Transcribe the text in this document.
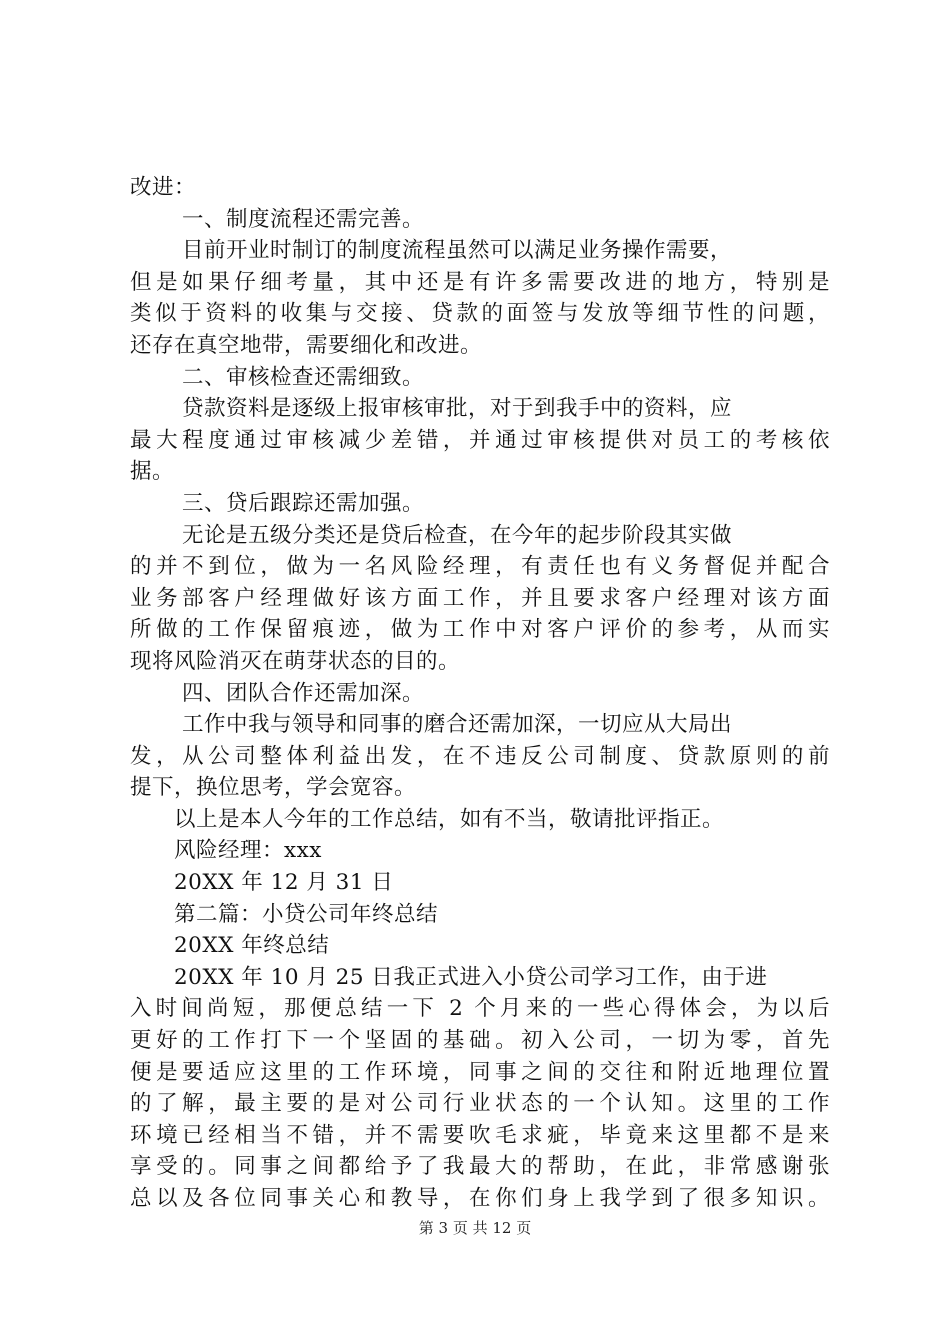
改进：
一、制度流程还需完善。
目前开业时制订的制度流程虽然可以满足业务操作需要，
但是如果仔细考量，其中还是有许多需要改进的地方，特别是
类似于资料的收集与交接、贷款的面签与发放等细节性的问题，
还存在真空地带，需要细化和改进。
二、审核检查还需细致。
贷款资料是逐级上报审核审批，对于到我手中的资料，应
最大程度通过审核减少差错，并通过审核提供对员工的考核依
据。
三、贷后跟踪还需加强。
无论是五级分类还是贷后检查，在今年的起步阶段其实做
的并不到位，做为一名风险经理，有责任也有义务督促并配合
业务部客户经理做好该方面工作，并且要求客户经理对该方面
所做的工作保留痕迹，做为工作中对客户评价的参考，从而实
现将风险消灭在萌芽状态的目的。
四、团队合作还需加深。
工作中我与领导和同事的磨合还需加深，一切应从大局出
发，从公司整体利益出发，在不违反公司制度、贷款原则的前
提下，换位思考，学会宽容。
以上是本人今年的工作总结，如有不当，敬请批评指正。
风险经理：xxx
20XX 年 12 月 31 日
第二篇：小贷公司年终总结
20XX 年终总结
20XX 年 10 月 25 日我正式进入小贷公司学习工作，由于进
入时间尚短，那便总结一下 2 个月来的一些心得体会，为以后
更好的工作打下一个坚固的基础。初入公司，一切为零，首先
便是要适应这里的工作环境，同事之间的交往和附近地理位置
的了解，最主要的是对公司行业状态的一个认知。这里的工作
环境已经相当不错，并不需要吹毛求疵，毕竟来这里都不是来
享受的。同事之间都给予了我最大的帮助，在此，非常感谢张
总以及各位同事关心和教导，在你们身上我学到了很多知识。
第 3 页 共 12 页
